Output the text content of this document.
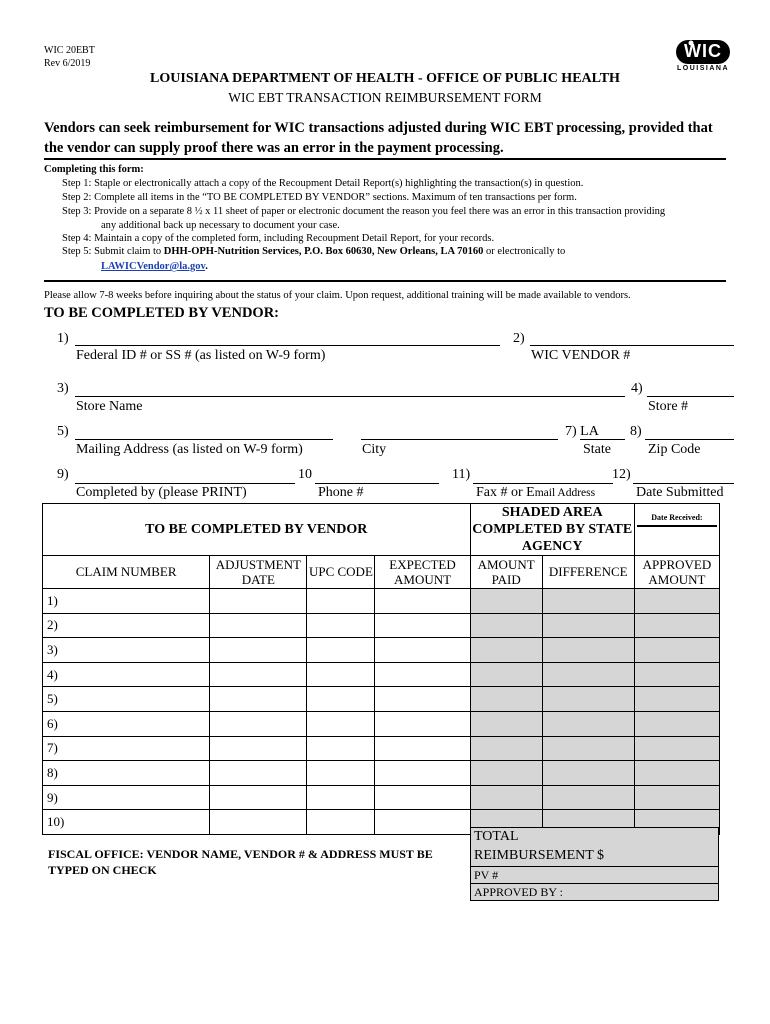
WIC 20EBT
Rev 6/2019
WIC
LOUISIANA
LOUISIANA DEPARTMENT OF HEALTH - OFFICE OF PUBLIC HEALTH
WIC EBT TRANSACTION REIMBURSEMENT FORM
Vendors can seek reimbursement for WIC transactions adjusted during WIC EBT processing, provided that the vendor can supply proof there was an error in the payment processing.
Completing this form:
Step 1: Staple or electronically attach a copy of the Recoupment Detail Report(s) highlighting the transaction(s) in question.
Step 2: Complete all items in the “TO BE COMPLETED BY VENDOR” sections. Maximum of ten transactions per form.
Step 3: Provide on a separate 8 ½ x 11 sheet of paper or electronic document the reason you feel there was an error in this transaction providing
any additional back up necessary to document your case.
Step 4: Maintain a copy of the completed form, including Recoupment Detail Report, for your records.
Step 5: Submit claim to DHH-OPH-Nutrition Services, P.O. Box 60630, New Orleans, LA 70160 or electronically to
LAWICVendor@la.gov.
Please allow 7-8 weeks before inquiring about the status of your claim. Upon request, additional training will be made available to vendors.
TO BE COMPLETED BY VENDOR:
1)
Federal ID # or SS # (as listed on W-9 form)
2)
WIC VENDOR #
3)
Store Name
4)
Store #
5)
Mailing Address (as listed on W-9 form)	City
7) LA
State
8)
Zip Code
9)
Completed by (please PRINT)
10
Phone #
11)
Fax # or Email Address
12)
Date Submitted
TO BE COMPLETED BY VENDOR				SHADED AREA COMPLETED BY STATE AGENCY		Date Received:

CLAIM NUMBER	ADJUSTMENT DATE	UPC CODE	EXPECTED AMOUNT	AMOUNT PAID	DIFFERENCE	APPROVED AMOUNT
1)						
2)						
3)						
4)						
5)						
6)						
7)						
8)						
9)						
10)						
FISCAL OFFICE: VENDOR NAME, VENDOR # & ADDRESS MUST BE TYPED ON CHECK
TOTAL
REIMBURSEMENT $
PV #
APPROVED BY :
